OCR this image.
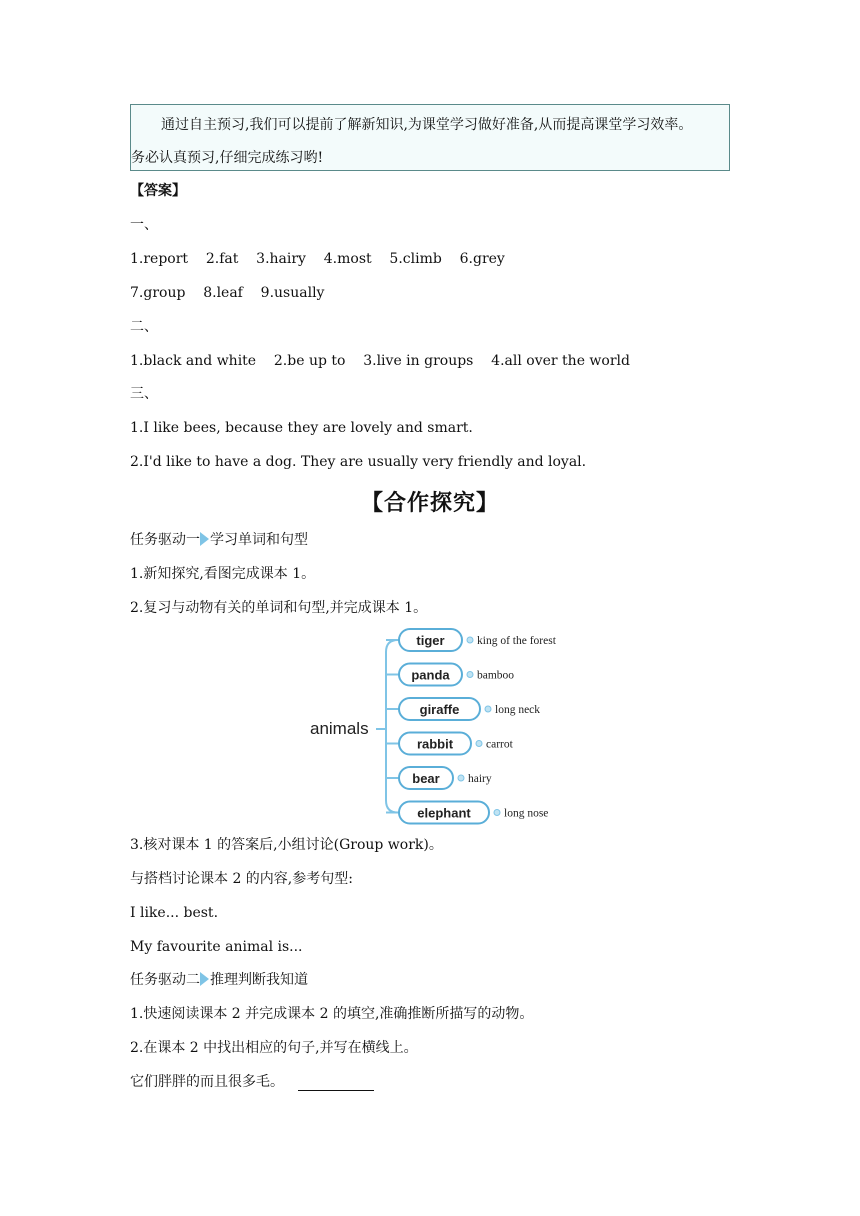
通过自主预习,我们可以提前了解新知识,为课堂学习做好准备,从而提高课堂学习效率。
务必认真预习,仔细完成练习哟!
【答案】
一、
1.report    2.fat    3.hairy    4.most    5.climb    6.grey
7.group    8.leaf    9.usually
二、
1.black and white    2.be up to    3.live in groups    4.all over the world
三、
1.I like bees, because they are lovely and smart.
2.I'd like to have a dog. They are usually very friendly and loyal.
【合作探究】
任务驱动一 学习单词和句型
1.新知探究,看图完成课本 1。
2.复习与动物有关的单词和句型,并完成课本 1。
animals
tiger	king of the forest
panda bamboo
giraffe	long neck
rabbit	carrot
bear hairy
elephant	long nose
3.核对课本 1 的答案后,小组讨论(Group work)。
与搭档讨论课本 2 的内容,参考句型:
I like... best.
My favourite animal is...
任务驱动二 推理判断我知道
1.快速阅读课本 2 并完成课本 2 的填空,准确推断所描写的动物。
2.在课本 2 中找出相应的句子,并写在横线上。
它们胖胖的而且很多毛。
